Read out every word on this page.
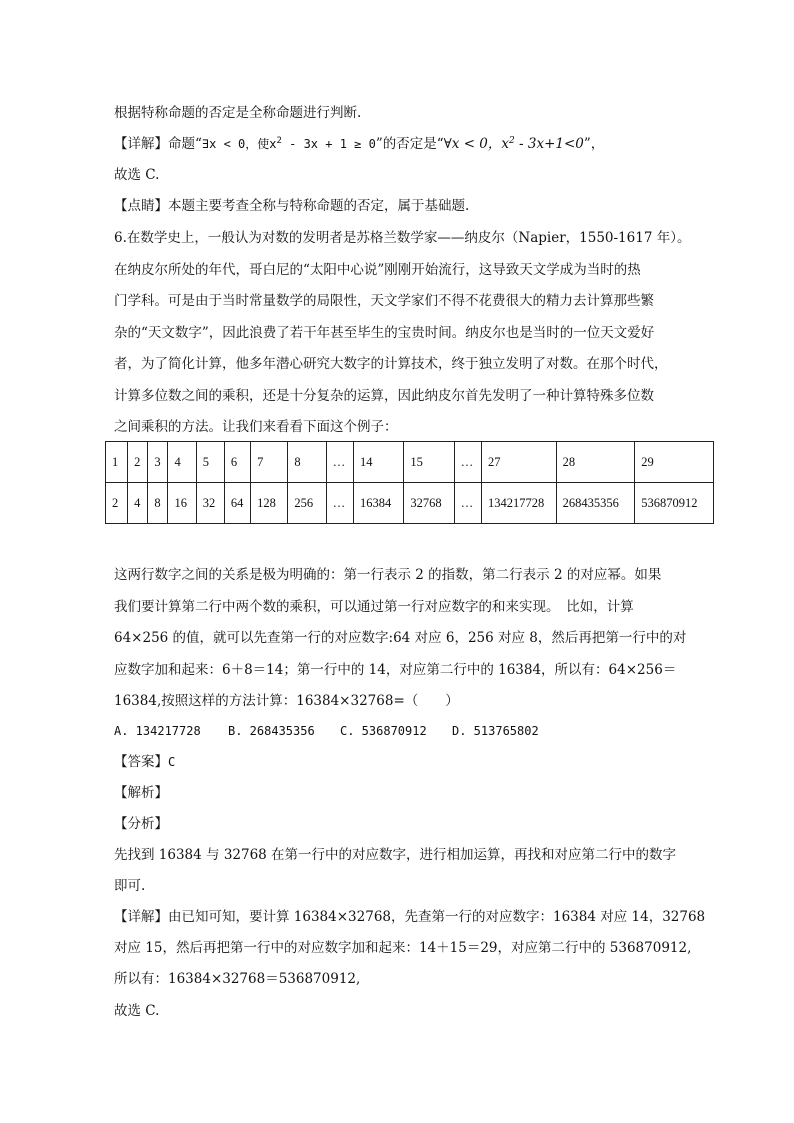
根据特称命题的否定是全称命题进行判断.
【详解】命题“∃x < 0，使$x^2 - 3x + 1 \ge 0$”的否定是“∀x < 0，$x^2 - 3x+1<0$”，
故选 C.
【点睛】本题主要考查全称与特称命题的否定，属于基础题.
6.在数学史上，一般认为对数的发明者是苏格兰数学家——纳皮尔（Napier，1550-1617 年）。
在纳皮尔所处的年代，哥白尼的“太阳中心说”刚刚开始流行，这导致天文学成为当时的热
门学科。可是由于当时常量数学的局限性，天文学家们不得不花费很大的精力去计算那些繁
杂的“天文数字”，因此浪费了若干年甚至毕生的宝贵时间。纳皮尔也是当时的一位天文爱好
者，为了简化计算，他多年潜心研究大数字的计算技术，终于独立发明了对数。在那个时代，
计算多位数之间的乘积，还是十分复杂的运算，因此纳皮尔首先发明了一种计算特殊多位数
之间乘积的方法。让我们来看看下面这个例子：
1	2	3	4	5	6	7	8	…	14	15	…	27	28	29
2	4	8	16	32	64	128	256	…	16384	32768	…	134217728	268435356	536870912
这两行数字之间的关系是极为明确的：第一行表示 2 的指数，第二行表示 2 的对应幂。如果
我们要计算第二行中两个数的乘积，可以通过第一行对应数字的和来实现。　比如，计算
64×256 的值，就可以先查第一行的对应数字:64 对应 6，256 对应 8，然后再把第一行中的对
应数字加和起来：6＋8＝14；第一行中的 14，对应第二行中的 16384，所以有：64×256＝
16384,按照这样的方法计算：16384×32768=（　　）
A. 134217728 B. 268435356 C. 536870912 D. 513765802
【答案】C
【解析】
【分析】
先找到 16384 与 32768 在第一行中的对应数字，进行相加运算，再找和对应第二行中的数字
即可.
【详解】由已知可知，要计算 16384×32768，先查第一行的对应数字：16384 对应 14，32768
对应 15，然后再把第一行中的对应数字加和起来：14＋15＝29，对应第二行中的 536870912,
所以有：16384×32768＝536870912,
故选 C.
